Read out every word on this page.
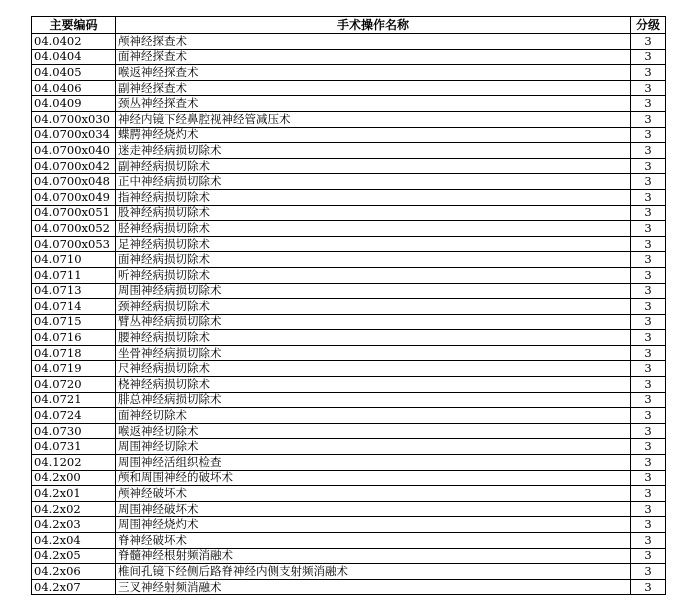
主要编码	手术操作名称	分级
04.0402	颅神经探查术	3
04.0404	面神经探查术	3
04.0405	喉返神经探查术	3
04.0406	副神经探查术	3
04.0409	颈丛神经探查术	3
04.0700x030	神经内镜下经鼻腔视神经管减压术	3
04.0700x034	蝶腭神经烧灼术	3
04.0700x040	迷走神经病损切除术	3
04.0700x042	副神经病损切除术	3
04.0700x048	正中神经病损切除术	3
04.0700x049	指神经病损切除术	3
04.0700x051	股神经病损切除术	3
04.0700x052	胫神经病损切除术	3
04.0700x053	足神经病损切除术	3
04.0710	面神经病损切除术	3
04.0711	听神经病损切除术	3
04.0713	周围神经病损切除术	3
04.0714	颈神经病损切除术	3
04.0715	臂丛神经病损切除术	3
04.0716	腰神经病损切除术	3
04.0718	坐骨神经病损切除术	3
04.0719	尺神经病损切除术	3
04.0720	桡神经病损切除术	3
04.0721	腓总神经病损切除术	3
04.0724	面神经切除术	3
04.0730	喉返神经切除术	3
04.0731	周围神经切除术	3
04.1202	周围神经活组织检查	3
04.2x00	颅和周围神经的破坏术	3
04.2x01	颅神经破坏术	3
04.2x02	周围神经破坏术	3
04.2x03	周围神经烧灼术	3
04.2x04	脊神经破坏术	3
04.2x05	脊髓神经根射频消融术	3
04.2x06	椎间孔镜下经侧后路脊神经内侧支射频消融术	3
04.2x07	三叉神经射频消融术	3
